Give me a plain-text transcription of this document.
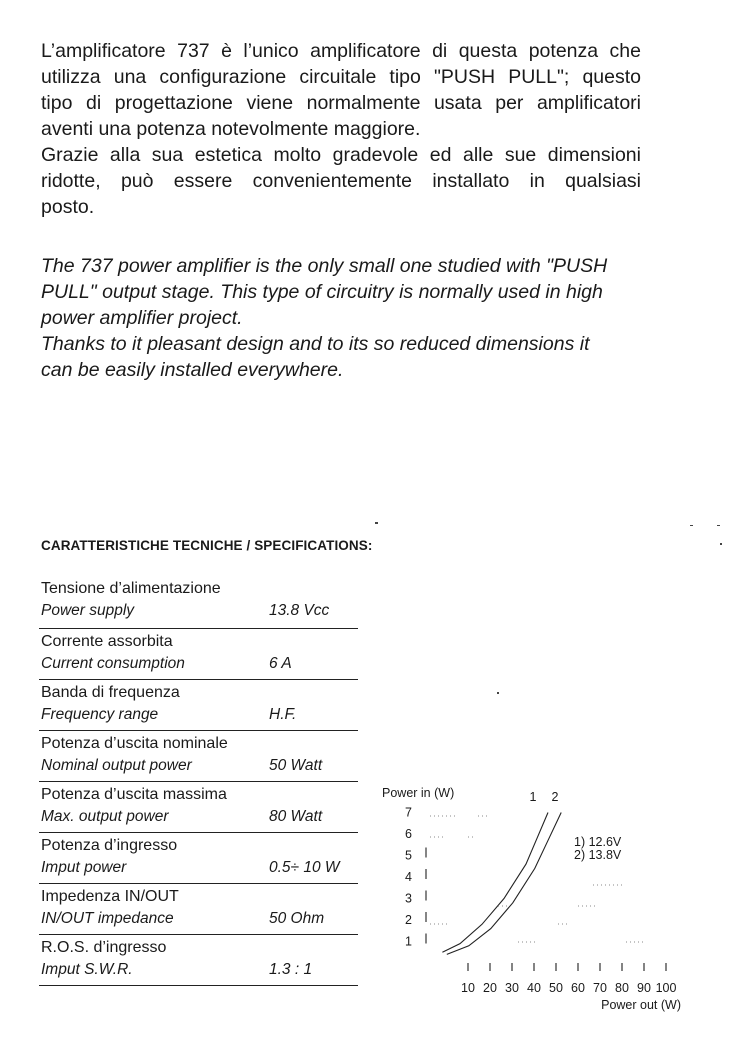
L’amplificatore 737 è l’unico amplificatore di questa potenza che
utilizza una configurazione circuitale tipo "PUSH PULL"; questo
tipo di progettazione viene normalmente usata per amplificatori
aventi una potenza notevolmente maggiore.
Grazie alla sua estetica molto gradevole ed alle sue dimensioni
ridotte, può essere convenientemente installato in qualsiasi
posto.
The 737 power amplifier is the only small one studied with "PUSH
PULL" output stage. This type of circuitry is normally used in high
power amplifier project.
Thanks to it pleasant design and to its so reduced dimensions it
can be easily installed everywhere.
CARATTERISTICHE TECNICHE / SPECIFICATIONS:
Tensione d’alimentazione
Power supply	13.8 Vcc
Corrente assorbita
Current consumption	6 A
Banda di frequenza
Frequency range	H.F.
Potenza d’uscita nominale
Nominal output power	50 Watt
Potenza d’uscita massima
Max. output power	80 Watt
Potenza d’ingresso
Imput power	0.5÷ 10 W
Impedenza IN/OUT
IN/OUT impedance	50 Ohm
R.O.S. d’ingresso
Imput S.W.R.	1.3 : 1
Power in (W)
1
2
3
4
5
6
7
10 20 30 40 50 60 70 80 90 100
Power out (W)
1 2
1) 12.6V
2) 13.8V
